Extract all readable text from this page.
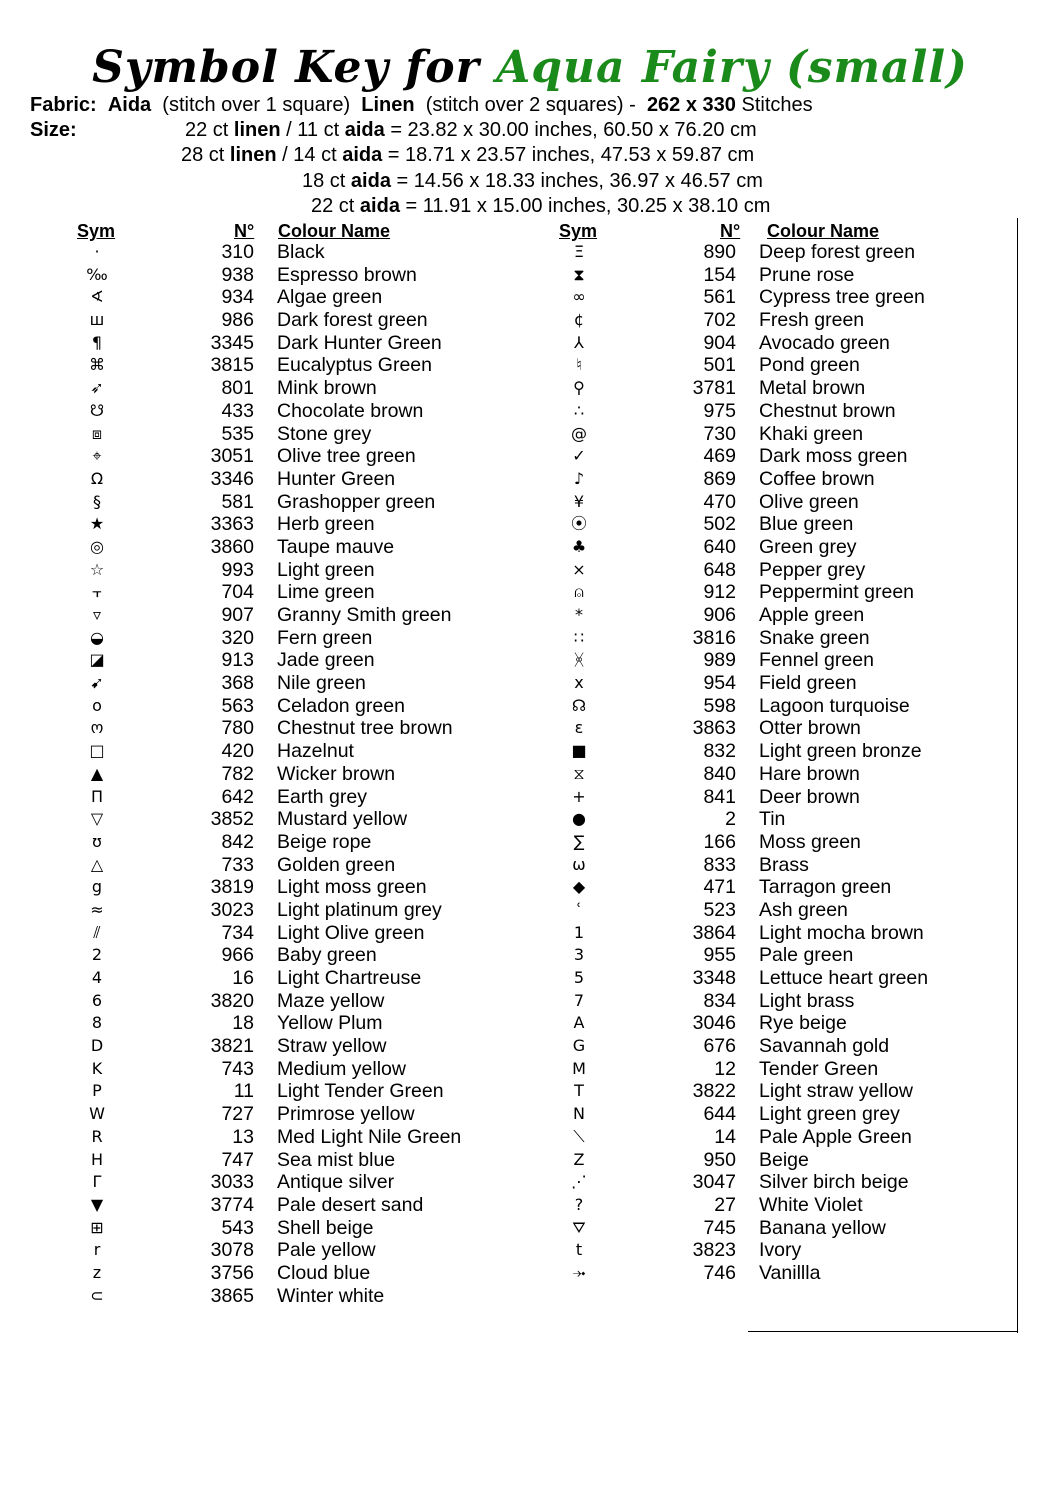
Symbol Key for Aqua Fairy (small)
Fabric: Aida (stitch over 1 square) Linen (stitch over 2 squares) - 262 x 330 Stitches
Size:	22 ct linen / 11 ct aida = 23.82 x 30.00 inches, 60.50 x 76.20 cm
28 ct linen / 14 ct aida = 18.71 x 23.57 inches, 47.53 x 59.87 cm
18 ct aida = 14.56 x 18.33 inches, 36.97 x 46.57 cm
22 ct aida = 11.91 x 15.00 inches, 30.25 x 38.10 cm
Sym	N° Colour Name	Sym	N° Colour Name
·	310 Black
‰	938 Espresso brown
∢	934 Algae green
ш	986 Dark forest green
¶	3345 Dark Hunter Green
⌘	3815 Eucalyptus Green
➶	801 Mink brown
☋	433 Chocolate brown
⧈	535 Stone grey
⌖	3051 Olive tree green
Ω	3346 Hunter Green
§	581 Grashopper green
★	3363 Herb green
◎	3860 Taupe mauve
☆	993 Light green
⫟	704 Lime green
▿	907 Granny Smith green
◒	320 Fern green
◪	913 Jade green
➹	368 Nile green
o	563 Celadon green
ო	780 Chestnut tree brown
□	420 Hazelnut
▲	782 Wicker brown
П	642 Earth grey
▽	3852 Mustard yellow
ʊ	842 Beige rope
△	733 Golden green
g	3819 Light moss green
≈	3023 Light platinum grey
⫽	734 Light Olive green
2	966 Baby green
4	16 Light Chartreuse
6	3820 Maze yellow
8	18 Yellow Plum
D	3821 Straw yellow
K	743 Medium yellow
P	11 Light Tender Green
W	727 Primrose yellow
R	13 Med Light Nile Green
H	747 Sea mist blue
Γ	3033 Antique silver
▼	3774 Pale desert sand
⊞	543 Shell beige
r	3078 Pale yellow
z	3756 Cloud blue
⊂	3865 Winter white
Ξ	890 Deep forest green
⧗	154 Prune rose
∞	561 Cypress tree green
¢	702 Fresh green
⅄	904 Avocado green
♮	501 Pond green
⚲	3781 Metal brown
∴	975 Chestnut brown
@	730 Khaki green
✓	469 Dark moss green
♪	869 Coffee brown
¥	470 Olive green
⦿	502 Blue green
♣	640 Green grey
⨯	648 Pepper grey
⍝	912 Peppermint green
*	906 Apple green
∷	3816 Snake green
ᚸ	989 Fennel green
x	954 Field green
☊	598 Lagoon turquoise
ε	3863 Otter brown
■	832 Light green bronze
⧖	840 Hare brown
+	841 Deer brown
●	2 Tin
∑	166 Moss green
ω	833 Brass
◆	471 Tarragon green
ʿ	523 Ash green
1	3864 Light mocha brown
3	955 Pale green
5	3348 Lettuce heart green
7	834 Light brass
A	3046 Rye beige
G	676 Savannah gold
M	12 Tender Green
T	3822 Light straw yellow
N	644 Light green grey
⟍	14 Pale Apple Green
Z	950 Beige
⋰	3047 Silver birch beige
?	27 White Violet
⛛	745 Banana yellow
t	3823 Ivory
⤞	746 Vanillla
